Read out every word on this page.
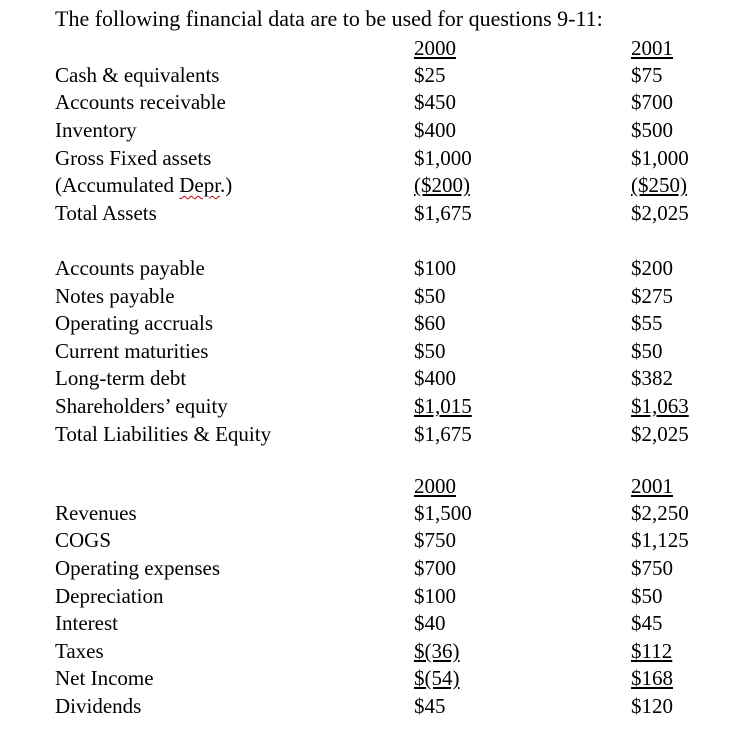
The following financial data are to be used for questions 9-11:
2000	2001
Cash & equivalents	$25	$75
Accounts receivable	$450	$700
Inventory	$400	$500
Gross Fixed assets	$1,000	$1,000
(Accumulated Depr.)	($200)	($250)
Total Assets	$1,675	$2,025
Accounts payable	$100	$200
Notes payable	$50	$275
Operating accruals	$60	$55
Current maturities	$50	$50
Long-term debt	$400	$382
Shareholders’ equity	$1,015	$1,063
Total Liabilities & Equity	$1,675	$2,025
2000	2001
Revenues	$1,500	$2,250
COGS	$750	$1,125
Operating expenses	$700	$750
Depreciation	$100	$50
Interest	$40	$45
Taxes	$(36)	$112
Net Income	$(54)	$168
Dividends	$45	$120
